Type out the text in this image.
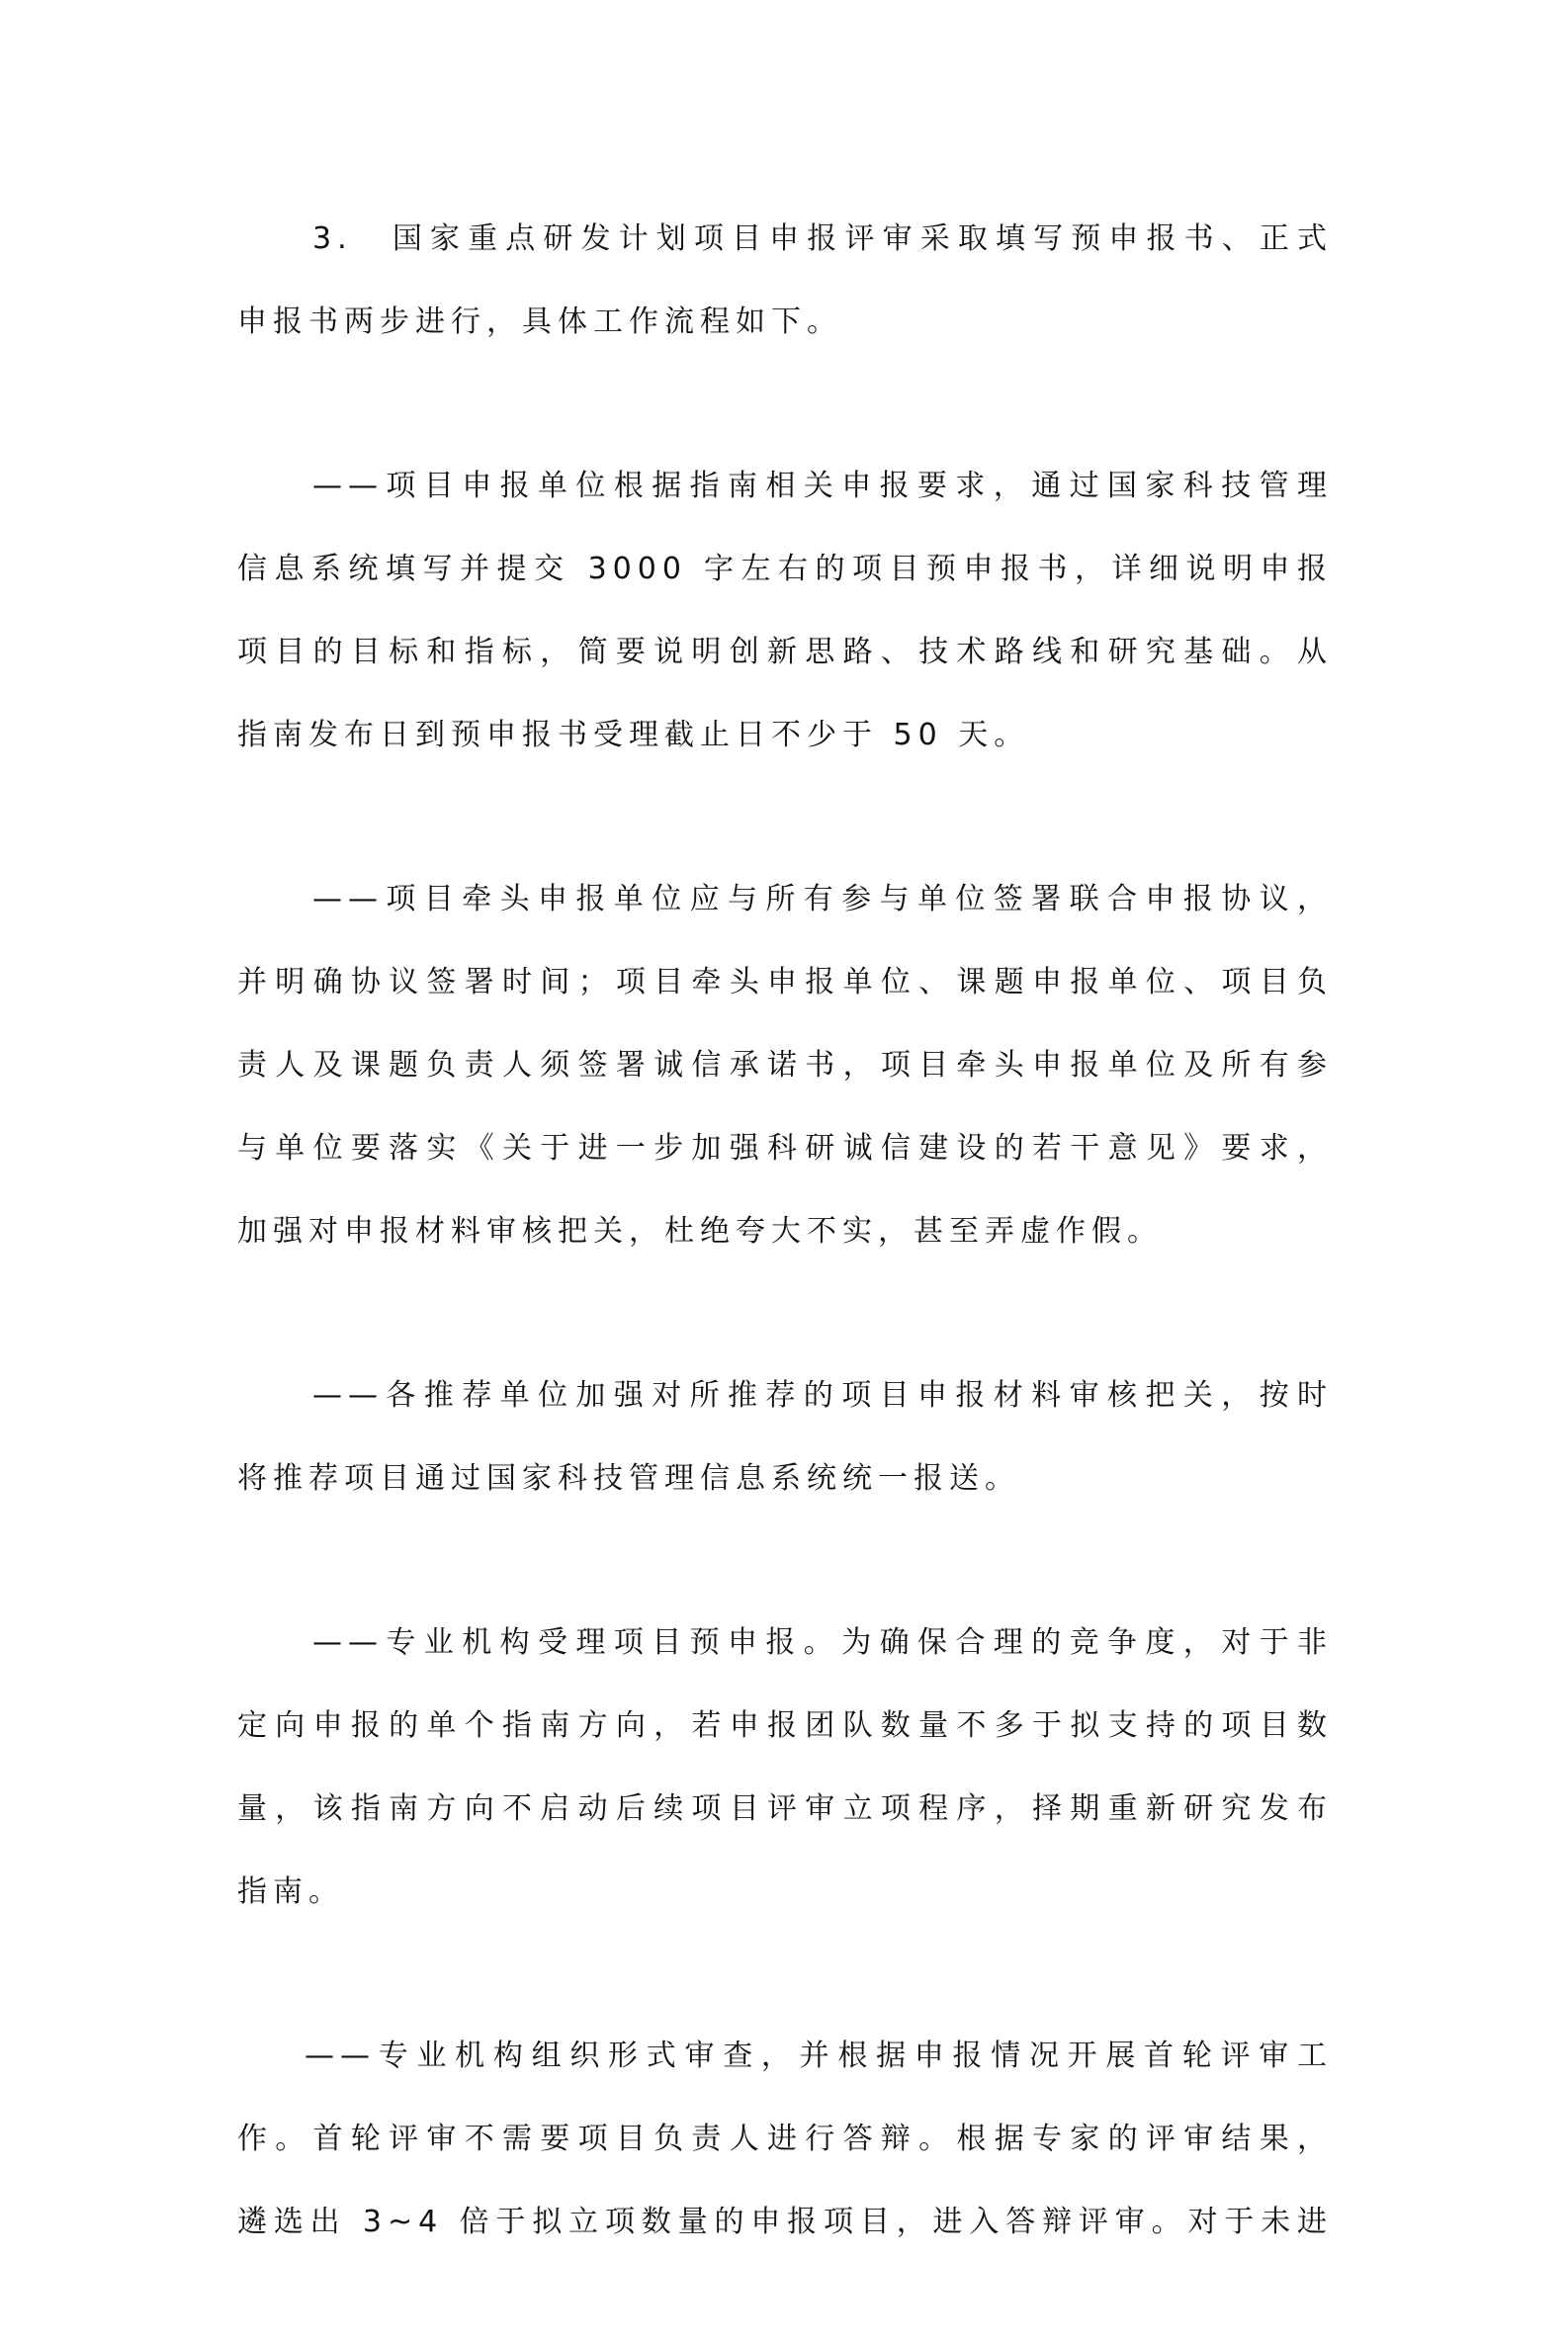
3.　国家重点研发计划项目申报评审采取填写预申报书、正式
申报书两步进行，具体工作流程如下。

——项目申报单位根据指南相关申报要求，通过国家科技管理
信息系统填写并提交 3000 字左右的项目预申报书，详细说明申报
项目的目标和指标，简要说明创新思路、技术路线和研究基础。从
指南发布日到预申报书受理截止日不少于 50 天。

——项目牵头申报单位应与所有参与单位签署联合申报协议，
并明确协议签署时间；项目牵头申报单位、课题申报单位、项目负
责人及课题负责人须签署诚信承诺书，项目牵头申报单位及所有参
与单位要落实《关于进一步加强科研诚信建设的若干意见》要求，
加强对申报材料审核把关，杜绝夸大不实，甚至弄虚作假。

——各推荐单位加强对所推荐的项目申报材料审核把关，按时
将推荐项目通过国家科技管理信息系统统一报送。

——专业机构受理项目预申报。为确保合理的竞争度，对于非
定向申报的单个指南方向，若申报团队数量不多于拟支持的项目数
量，该指南方向不启动后续项目评审立项程序，择期重新研究发布
指南。

——专业机构组织形式审查，并根据申报情况开展首轮评审工
作。首轮评审不需要项目负责人进行答辩。根据专家的评审结果，
遴选出 3~4 倍于拟立项数量的申报项目，进入答辩评审。对于未进
